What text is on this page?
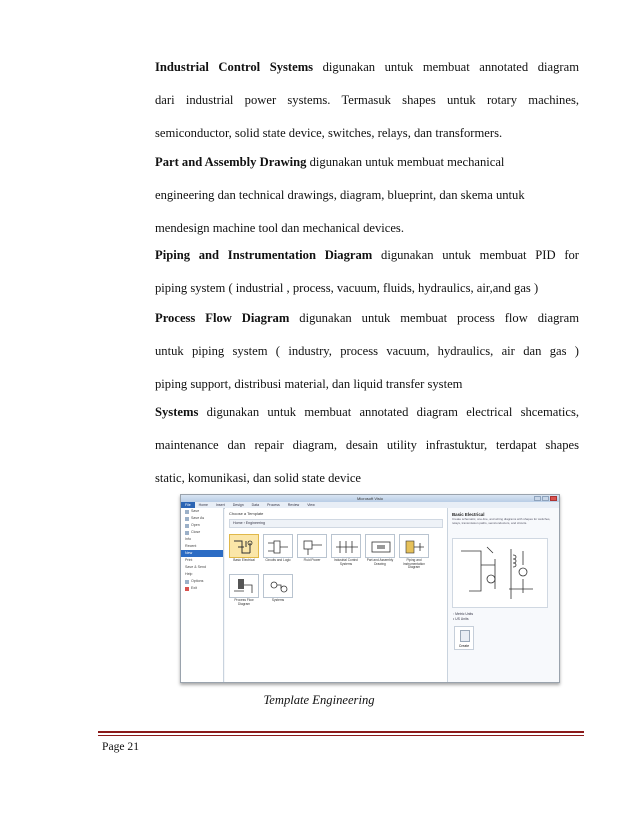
Industrial Control Systems digunakan untuk membuat annotated diagram
dari industrial power systems. Termasuk shapes untuk rotary machines,
semiconductor, solid state device, switches, relays, dan transformers.
Part and Assembly Drawing digunakan untuk membuat mechanical
engineering dan technical drawings, diagram, blueprint, dan skema untuk
mendesign machine tool dan mechanical devices.
Piping and Instrumentation Diagram digunakan untuk membuat PID for
piping system ( industrial , process, vacuum, fluids, hydraulics, air,and gas )
Process Flow Diagram digunakan untuk membuat process flow diagram
untuk piping system ( industry, process vacuum, hydraulics, air dan gas )
piping support, distribusi material, dan liquid transfer system
Systems digunakan untuk membuat annotated diagram electrical shcematics,
maintenance dan repair diagram, desain utility infrastuktur, terdapat shapes
static, komunikasi, dan solid state device
Microsoft Visio
File	Home	Insert	Design	Data	Process	Review	View
Save
Save As
Open
Close
Info
Recent
New
Print
Save & Send
Help
Options
Exit
Choose a Template
Home › Engineering
Basic Electrical	Circuits and Logic	Fluid Power	Industrial Control Systems
Part and Assembly Drawing
Piping and Instrumentation Diagram
Process Flow Diagram
Systems
Basic Electrical
Create schematic, one-line, and wiring diagrams with shapes for switches, relays, transmission paths, semiconductors, and circuits.
◦ Metric Units
• US Units
Create
Template Engineering
Page 21
